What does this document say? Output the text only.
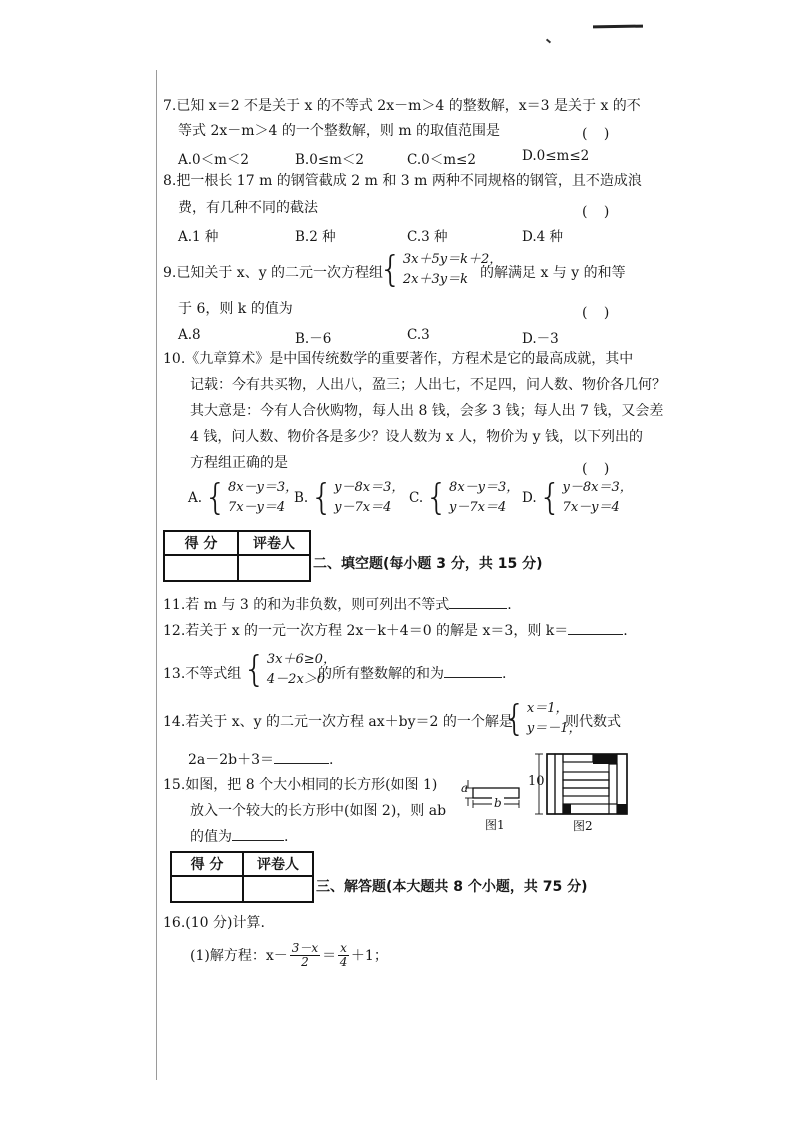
7.已知 x＝2 不是关于 x 的不等式 2x－m＞4 的整数解，x＝3 是关于 x 的不
等式 2x－m＞4 的一个整数解，则 m 的取值范围是	( )
A.0＜m＜2	B.0≤m＜2	C.0＜m≤2	D.0≤m≤2
8.把一根长 17 m 的钢管截成 2 m 和 3 m 两种不同规格的钢管，且不造成浪
费，有几种不同的截法	( )
A.1 种	B.2 种	C.3 种	D.4 种
9.已知关于 x、y 的二元一次方程组
{ 3x＋5y＝k＋2，
2x＋3y＝k 的解满足 x 与 y 的和等
于 6，则 k 的值为	( )
A.8	B.－6	C.3	D.－3
10.《九章算术》是中国传统数学的重要著作，方程术是它的最高成就，其中
记载：今有共买物，人出八，盈三；人出七，不足四，问人数、物价各几何？
其大意是：今有人合伙购物，每人出 8 钱，会多 3 钱；每人出 7 钱，又会差
4 钱，问人数、物价各是多少？设人数为 x 人，物价为 y 钱，以下列出的
方程组正确的是	( )
A. { 8x－y＝3，
7x－y＝4
B. { y－8x＝3，
y－7x＝4
C. { 8x－y＝3，
y－7x＝4
D. { y－8x＝3，
7x－y＝4
得 分	评卷人

二、填空题(每小题 3 分，共 15 分)
11.若 m 与 3 的和为非负数，则可列出不等式	.
12.若关于 x 的一元一次方程 2x－k＋4＝0 的解是 x＝3，则 k＝	.
13.不等式组 { 3x＋6≥0，
4－2x＞0
的所有整数解的和为	.
14.若关于 x、y 的二元一次方程 ax＋by＝2 的一个解是
{ x＝1，
y＝－1，
则代数式
2a－2b＋3＝	.
15.如图，把 8 个大小相同的长方形(如图 1)
放入一个较大的长方形中(如图 2)，则 ab
的值为	.
a
b
图1
10
图2
得 分	评卷人

三、解答题(本大题共 8 个小题，共 75 分)
16.(10 分)计算.
(1)解方程：$x- \frac{3-x}{2} = \frac{x}{4} +1$；
